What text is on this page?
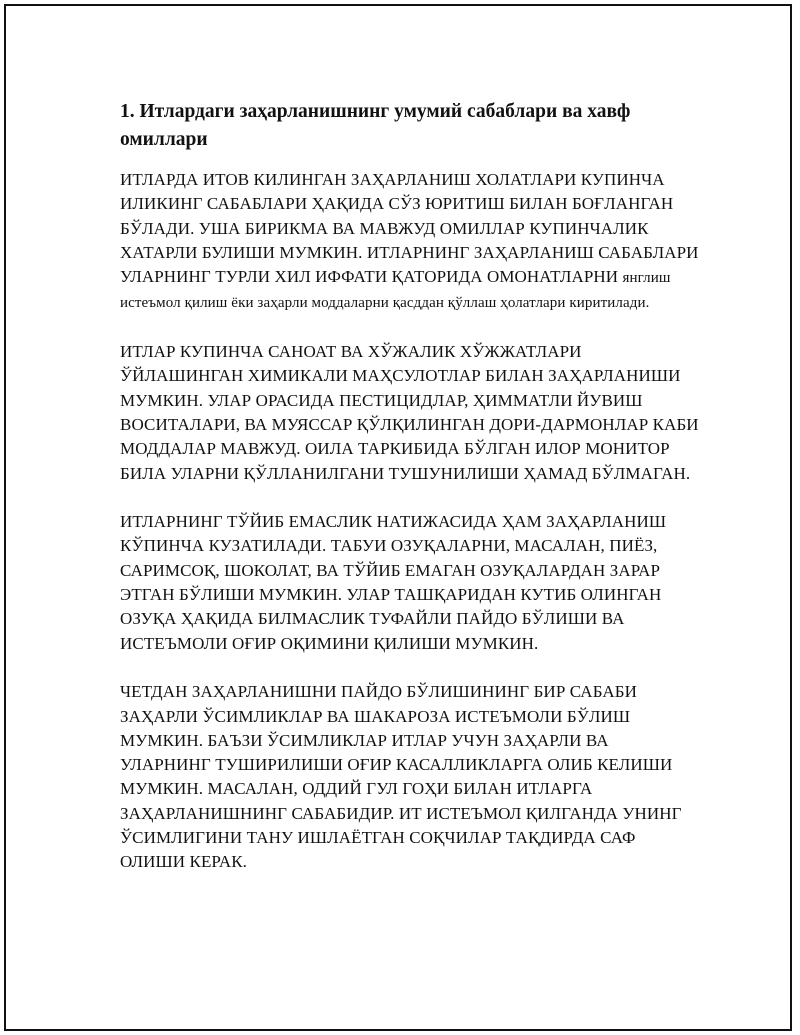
1. Итлардаги заҳарланишнинг умумий сабаблари ва хавф омиллари

ИТЛАРДА ИТОВ КИЛИНГАН ЗАҲАРЛАНИШ ХОЛАТЛАРИ КУПИНЧА ИЛИКИНГ САБАБЛАРИ ҲАҚИДА СЎЗ ЮРИТИШ БИЛАН БОҒЛАНГАН БЎЛАДИ. УША БИРИКМА ВА МАВЖУД ОМИЛЛАР КУПИНЧАЛИК ХАТАРЛИ БУЛИШИ МУМКИН. ИТЛАРНИНГ ЗАҲАРЛАНИШ САБАБЛАРИ УЛАРНИНГ ТУРЛИ ХИЛ ИФФАТИ ҚАТОРИДА ОМОНАТЛАРНИ янглиш истеъмол қилиш ёки заҳарли моддаларни қасддан қўллаш ҳолатлари киритилади.

ИТЛАР КУПИНЧА САНОАТ ВА ХЎЖАЛИК ХЎЖЖАТЛАРИ ЎЙЛАШИНГАН ХИМИКАЛИ МАҲСУЛОТЛАР БИЛАН ЗАҲАРЛАНИШИ МУМКИН. УЛАР ОРАСИДА ПЕСТИЦИДЛАР, ҲИММАТЛИ ЙУВИШ ВОСИТАЛАРИ, ВА МУЯССАР ҚЎЛҚИЛИНГАН ДОРИ-ДАРМОНЛАР КАБИ МОДДАЛАР МАВЖУД. ОИЛА ТАРКИБИДА БЎЛГАН ИЛОР МОНИТОР БИЛА УЛАРНИ ҚЎЛЛАНИЛГАНИ ТУШУНИЛИШИ ҲАМАД БЎЛМАГАН.

ИТЛАРНИНГ ТЎЙИБ ЕМАСЛИК НАТИЖАСИДА ҲАМ ЗАҲАРЛАНИШ КЎПИНЧА КУЗАТИЛАДИ. ТАБУИ ОЗУҚАЛАРНИ, МАСАЛАН, ПИЁЗ, САРИМСОҚ, ШОКОЛАТ, ВА ТЎЙИБ ЕМАГАН ОЗУҚАЛАРДАН ЗАРАР ЭТГАН БЎЛИШИ МУМКИН. УЛАР ТАШҚАРИДАН КУТИБ ОЛИНГАН ОЗУҚА ҲАҚИДА БИЛМАСЛИК ТУФАЙЛИ ПАЙДО БЎЛИШИ ВА ИСТЕЪМОЛИ ОҒИР ОҚИМИНИ ҚИЛИШИ МУМКИН.

ЧЕТДАН ЗАҲАРЛАНИШНИ ПАЙДО БЎЛИШИНИНГ БИР САБАБИ ЗАҲАРЛИ ЎСИМЛИКЛАР ВА ШАКАРОЗА ИСТЕЪМОЛИ БЎЛИШ МУМКИН. БАЪЗИ ЎСИМЛИКЛАР ИТЛАР УЧУН ЗАҲАРЛИ ВА УЛАРНИНГ ТУШИРИЛИШИ ОҒИР КАСАЛЛИКЛАРГА ОЛИБ КЕЛИШИ МУМКИН. МАСАЛАН, ОДДИЙ ГУЛ ГОҲИ БИЛАН ИТЛАРГА ЗАҲАРЛАНИШНИНГ САБАБИДИР. ИТ ИСТЕЪМОЛ ҚИЛГАНДА УНИНГ ЎСИМЛИГИНИ ТАНУ ИШЛАЁТГАН СОҚЧИЛАР ТАҚДИРДА САФ ОЛИШИ КЕРАК.
